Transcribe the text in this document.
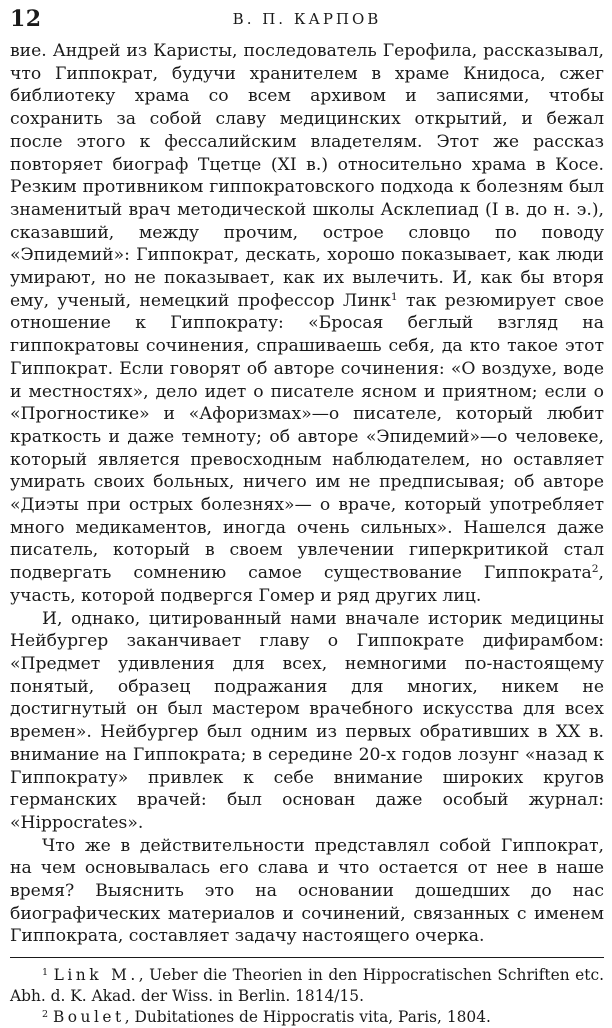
12	В. П. КАРПОВ

вие. Андрей из Каристы, последователь Герофила, рассказывал, что Гиппократ, будучи хранителем в храме Книдоса, сжег библиотеку храма со всем архивом и записями, чтобы сохранить за собой славу медицинских открытий, и бежал после этого к фессалийским владетелям. Этот же рассказ повторяет биограф Тцетце (XI в.) относительно храма в Косе. Резким противником гиппократовского подхода к болезням был знаменитый врач методической школы Асклепиад (I в. до н. э.), сказавший, между прочим, острое словцо по поводу «Эпидемий»: Гиппократ, дескать, хорошо показывает, как люди умирают, но не показывает, как их вылечить. И, как бы вторя ему, ученый, немецкий профессор Линк$^1$ так резюмирует свое отношение к Гиппократу: «Бросая беглый взгляд на гиппократовы сочинения, спрашиваешь себя, да кто такое этот Гиппократ. Если говорят об авторе сочинения: «О воздухе, воде и местностях», дело идет о писателе ясном и приятном; если о «Прогностике» и «Афоризмах»—о писателе, который любит краткость и даже темноту; об авторе «Эпидемий»—о человеке, который является превосходным наблюдателем, но оставляет умирать своих больных, ничего им не предписывая; об авторе «Диэты при острых болезнях»— о враче, который употребляет много медикаментов, иногда очень сильных». Нашелся даже писатель, который в своем увлечении гиперкритикой стал подвергать сомнению самое существование Гиппократа$^2$, участь, которой подвергся Гомер и ряд других лиц.

И, однако, цитированный нами вначале историк медицины Нейбургер заканчивает главу о Гиппократе дифирамбом: «Предмет удивления для всех, немногими по-настоящему понятый, образец подражания для многих, никем не достигнутый он был мастером врачебного искусства для всех времен». Нейбургер был одним из первых обративших в XX в. внимание на Гиппократа; в середине 20-х годов лозунг «назад к Гиппократу» привлек к себе внимание широких кругов германских врачей: был основан даже особый журнал: «Hippocrates».

Что же в действительности представлял собой Гиппократ, на чем основывалась его слава и что остается от нее в наше время? Выяснить это на основании дошедших до нас биографических материалов и сочинений, связанных с именем Гиппократа, составляет задачу настоящего очерка.

$^1$ Link M., Ueber die Theorien in den Hippocratischen Schriften etc. Abh. d. K. Akad. der Wiss. in Berlin. 1814/15.

$^2$ Boulet, Dubitationes de Hippocratis vita, Paris, 1804.
